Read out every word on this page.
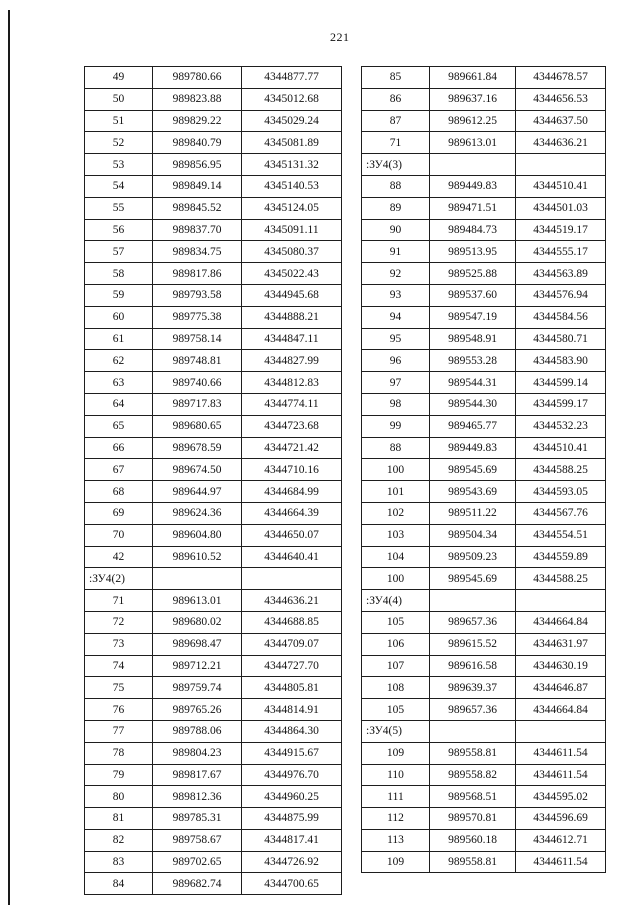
221
49	989780.66	4344877.77
50	989823.88	4345012.68
51	989829.22	4345029.24
52	989840.79	4345081.89
53	989856.95	4345131.32
54	989849.14	4345140.53
55	989845.52	4345124.05
56	989837.70	4345091.11
57	989834.75	4345080.37
58	989817.86	4345022.43
59	989793.58	4344945.68
60	989775.38	4344888.21
61	989758.14	4344847.11
62	989748.81	4344827.99
63	989740.66	4344812.83
64	989717.83	4344774.11
65	989680.65	4344723.68
66	989678.59	4344721.42
67	989674.50	4344710.16
68	989644.97	4344684.99
69	989624.36	4344664.39
70	989604.80	4344650.07
42	989610.52	4344640.41
:ЗУ4(2)		
71	989613.01	4344636.21
72	989680.02	4344688.85
73	989698.47	4344709.07
74	989712.21	4344727.70
75	989759.74	4344805.81
76	989765.26	4344814.91
77	989788.06	4344864.30
78	989804.23	4344915.67
79	989817.67	4344976.70
80	989812.36	4344960.25
81	989785.31	4344875.99
82	989758.67	4344817.41
83	989702.65	4344726.92
84	989682.74	4344700.65
85	989661.84	4344678.57
86	989637.16	4344656.53
87	989612.25	4344637.50
71	989613.01	4344636.21
:ЗУ4(3)		
88	989449.83	4344510.41
89	989471.51	4344501.03
90	989484.73	4344519.17
91	989513.95	4344555.17
92	989525.88	4344563.89
93	989537.60	4344576.94
94	989547.19	4344584.56
95	989548.91	4344580.71
96	989553.28	4344583.90
97	989544.31	4344599.14
98	989544.30	4344599.17
99	989465.77	4344532.23
88	989449.83	4344510.41
100	989545.69	4344588.25
101	989543.69	4344593.05
102	989511.22	4344567.76
103	989504.34	4344554.51
104	989509.23	4344559.89
100	989545.69	4344588.25
:ЗУ4(4)		
105	989657.36	4344664.84
106	989615.52	4344631.97
107	989616.58	4344630.19
108	989639.37	4344646.87
105	989657.36	4344664.84
:ЗУ4(5)		
109	989558.81	4344611.54
110	989558.82	4344611.54
111	989568.51	4344595.02
112	989570.81	4344596.69
113	989560.18	4344612.71
109	989558.81	4344611.54
